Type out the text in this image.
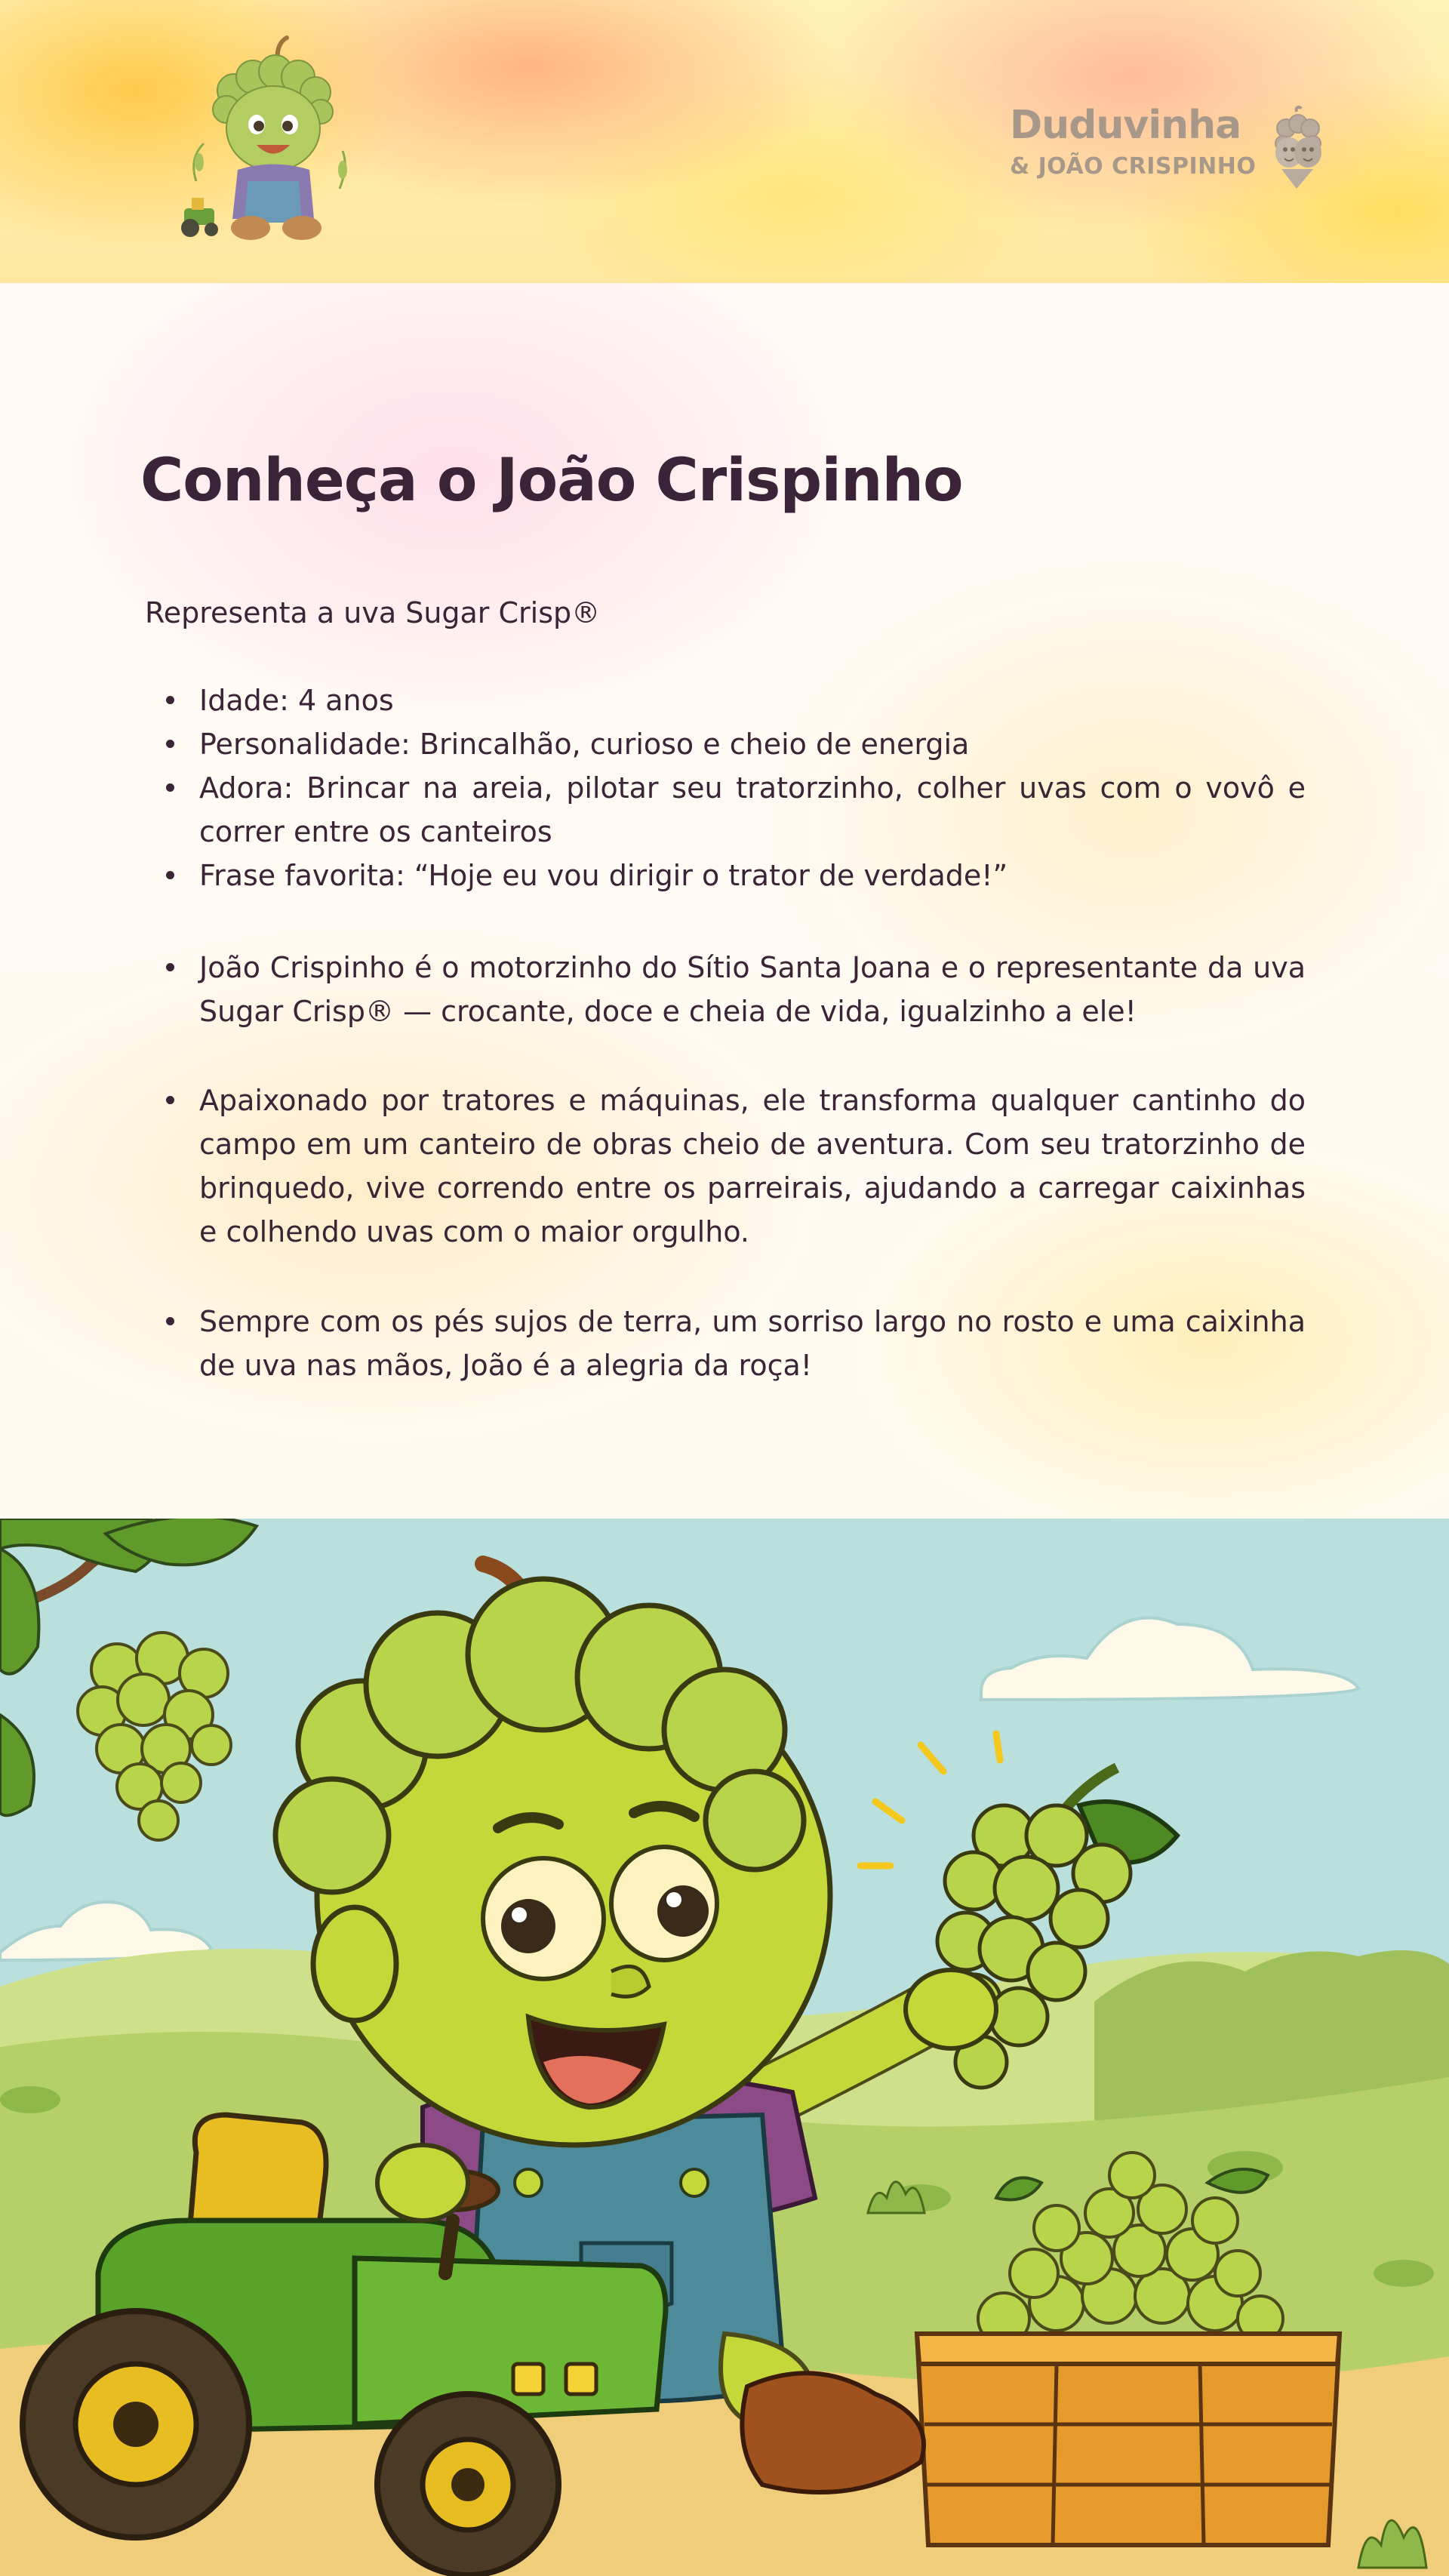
Duduvinha
& JOÃO CRISPINHO
Conheça o João Crispinho

Representa a uva Sugar Crisp®

Idade: 4 anos
Personalidade: Brincalhão, curioso e cheio de energia
Adora: Brincar na areia, pilotar seu tratorzinho, colher uvas com o vovô e correr entre os canteiros
Frase favorita: “Hoje eu vou dirigir o trator de verdade!”
João Crispinho é o motorzinho do Sítio Santa Joana e o representante da uva Sugar Crisp® — crocante, doce e cheia de vida, igualzinho a ele!
Apaixonado por tratores e máquinas, ele transforma qualquer cantinho do campo em um canteiro de obras cheio de aventura. Com seu tratorzinho de brinquedo, vive correndo entre os parreirais, ajudando a carregar caixinhas e colhendo uvas com o maior orgulho.
Sempre com os pés sujos de terra, um sorriso largo no rosto e uma caixinha de uva nas mãos, João é a alegria da roça!
